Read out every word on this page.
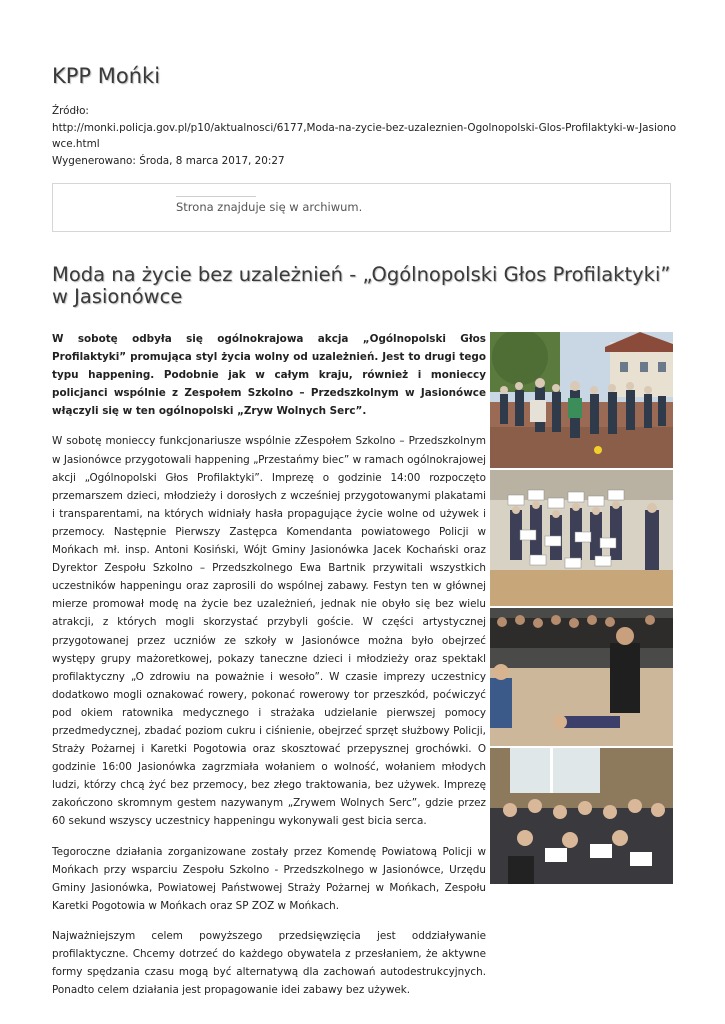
KPP Mońki
Źródło:
http://monki.policja.gov.pl/p10/aktualnosci/6177,Moda-na-zycie-bez-uzaleznien-Ogolnopolski-Glos-Profilaktyki-w-Jasionowce.html
Wygenerowano: Środa, 8 marca 2017, 20:27
Strona znajduje się w archiwum.
Moda na życie bez uzależnień - „Ogólnopolski Głos Profilaktyki” w Jasionówce

W sobotę odbyła się ogólnokrajowa akcja „Ogólnopolski Głos Profilaktyki” promująca styl życia wolny od uzależnień. Jest to drugi tego typu happening. Podobnie jak w całym kraju, również i monieccy policjanci wspólnie z Zespołem Szkolno – Przedszkolnym w Jasionówce włączyli się w ten ogólnopolski „Zryw Wolnych Serc”.

W sobotę monieccy funkcjonariusze wspólnie zZespołem Szkolno – Przedszkolnym w Jasionówce przygotowali happening „Przestańmy biec” w ramach ogólnokrajowej akcji „Ogólnopolski Głos Profilaktyki”. Imprezę o godzinie 14:00 rozpoczęto przemarszem dzieci, młodzieży i dorosłych z wcześniej przygotowanymi plakatami i transparentami, na których widniały hasła propagujące życie wolne od używek i przemocy. Następnie Pierwszy Zastępca Komendanta powiatowego Policji w Mońkach mł. insp. Antoni Kosiński, Wójt Gminy Jasionówka Jacek Kochański oraz Dyrektor Zespołu Szkolno – Przedszkolnego Ewa Bartnik przywitali wszystkich uczestników happeningu oraz zaprosili do wspólnej zabawy. Festyn ten w głównej mierze promował modę na życie bez uzależnień, jednak nie obyło się bez wielu atrakcji, z których mogli skorzystać przybyli goście. W części artystycznej przygotowanej przez uczniów ze szkoły w Jasionówce można było obejrzeć występy grupy mażoretkowej, pokazy taneczne dzieci i młodzieży oraz spektakl profilaktyczny „O zdrowiu na poważnie i wesoło”. W czasie imprezy uczestnicy dodatkowo mogli oznakować rowery, pokonać rowerowy tor przeszkód, poćwiczyć pod okiem ratownika medycznego i strażaka udzielanie pierwszej pomocy przedmedycznej, zbadać poziom cukru i ciśnienie, obejrzeć sprzęt służbowy Policji, Straży Pożarnej i Karetki Pogotowia oraz skosztować przepysznej grochówki. O godzinie 16:00 Jasionówka zagrzmiała wołaniem o wolność, wołaniem młodych ludzi, którzy chcą żyć bez przemocy, bez złego traktowania, bez używek. Imprezę zakończono skromnym gestem nazywanym „Zrywem Wolnych Serc”, gdzie przez 60 sekund wszyscy uczestnicy happeningu wykonywali gest bicia serca.

Tegoroczne działania zorganizowane zostały przez Komendę Powiatową Policji w Mońkach przy wsparciu Zespołu Szkolno - Przedszkolnego w Jasionówce, Urzędu Gminy Jasionówka, Powiatowej Państwowej Straży Pożarnej w Mońkach, Zespołu Karetki Pogotowia w Mońkach oraz SP ZOZ w Mońkach.

Najważniejszym celem powyższego przedsięwzięcia jest oddziaływanie profilaktyczne. Chcemy dotrzeć do każdego obywatela z przesłaniem, że aktywne formy spędzania czasu mogą być alternatywą dla zachowań autodestrukcyjnych. Ponadto celem działania jest propagowanie idei zabawy bez używek.
